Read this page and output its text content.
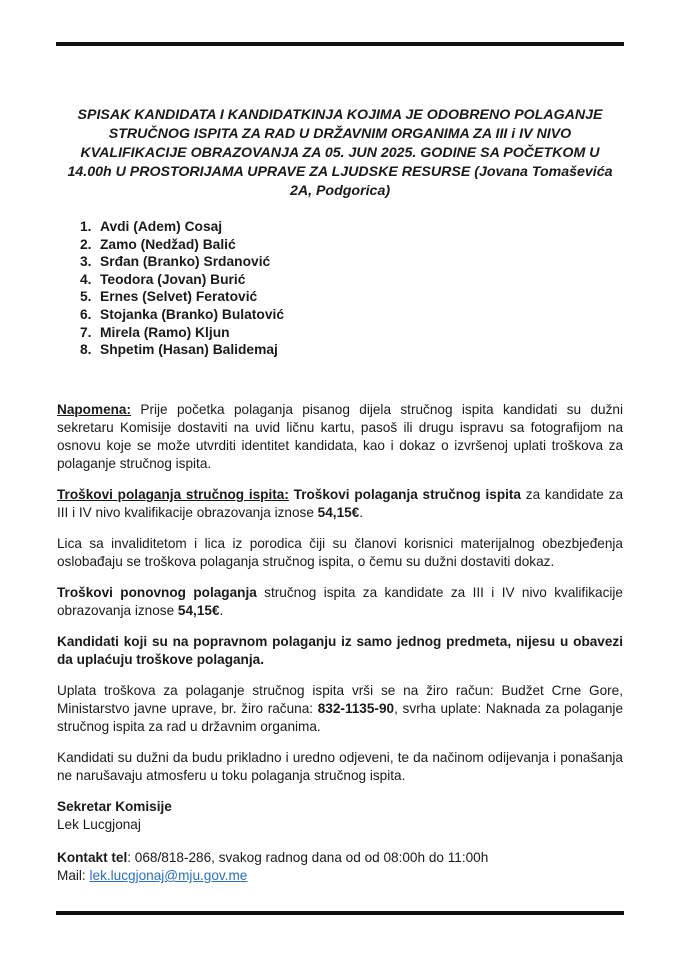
SPISAK KANDIDATA I KANDIDATKINJA KOJIMA JE ODOBRENO POLAGANJE STRUČNOG ISPITA ZA RAD U DRŽAVNIM ORGANIMA ZA III i IV NIVO KVALIFIKACIJE OBRAZOVANJA ZA 05. JUN 2025. GODINE SA POČETKOM U 14.00h U PROSTORIJAMA UPRAVE ZA LJUDSKE RESURSE (Jovana Tomaševića 2A, Podgorica)
1. Avdi (Adem) Cosaj
2. Zamo (Nedžad) Balić
3. Srđan (Branko) Srdanović
4. Teodora (Jovan) Burić
5. Ernes (Selvet) Feratović
6. Stojanka (Branko) Bulatović
7. Mirela (Ramo) Kljun
8. Shpetim (Hasan) Balidemaj

Napomena: Prije početka polaganja pisanog dijela stručnog ispita kandidati su dužni sekretaru Komisije dostaviti na uvid ličnu kartu, pasoš ili drugu ispravu sa fotografijom na osnovu koje se može utvrditi identitet kandidata, kao i dokaz o izvršenoj uplati troškova za polaganje stručnog ispita.

Troškovi polaganja stručnog ispita: Troškovi polaganja stručnog ispita za kandidate za III i IV nivo kvalifikacije obrazovanja iznose 54,15€.

Lica sa invaliditetom i lica iz porodica čiji su članovi korisnici materijalnog obezbjeđenja oslobađaju se troškova polaganja stručnog ispita, o čemu su dužni dostaviti dokaz.

Troškovi ponovnog polaganja stručnog ispita za kandidate za III i IV nivo kvalifikacije obrazovanja iznose 54,15€.

Kandidati koji su na popravnom polaganju iz samo jednog predmeta, nijesu u obavezi da uplaćuju troškove polaganja.

Uplata troškova za polaganje stručnog ispita vrši se na žiro račun: Budžet Crne Gore, Ministarstvo javne uprave, br. žiro računa: 832-1135-90, svrha uplate: Naknada za polaganje stručnog ispita za rad u državnim organima.

Kandidati su dužni da budu prikladno i uredno odjeveni, te da načinom odijevanja i ponašanja ne narušavaju atmosferu u toku polaganja stručnog ispita.

Sekretar Komisije

Lek Lucgjonaj

Kontakt tel: 068/818-286, svakog radnog dana od od 08:00h do 11:00h

Mail: lek.lucgjonaj@mju.gov.me
